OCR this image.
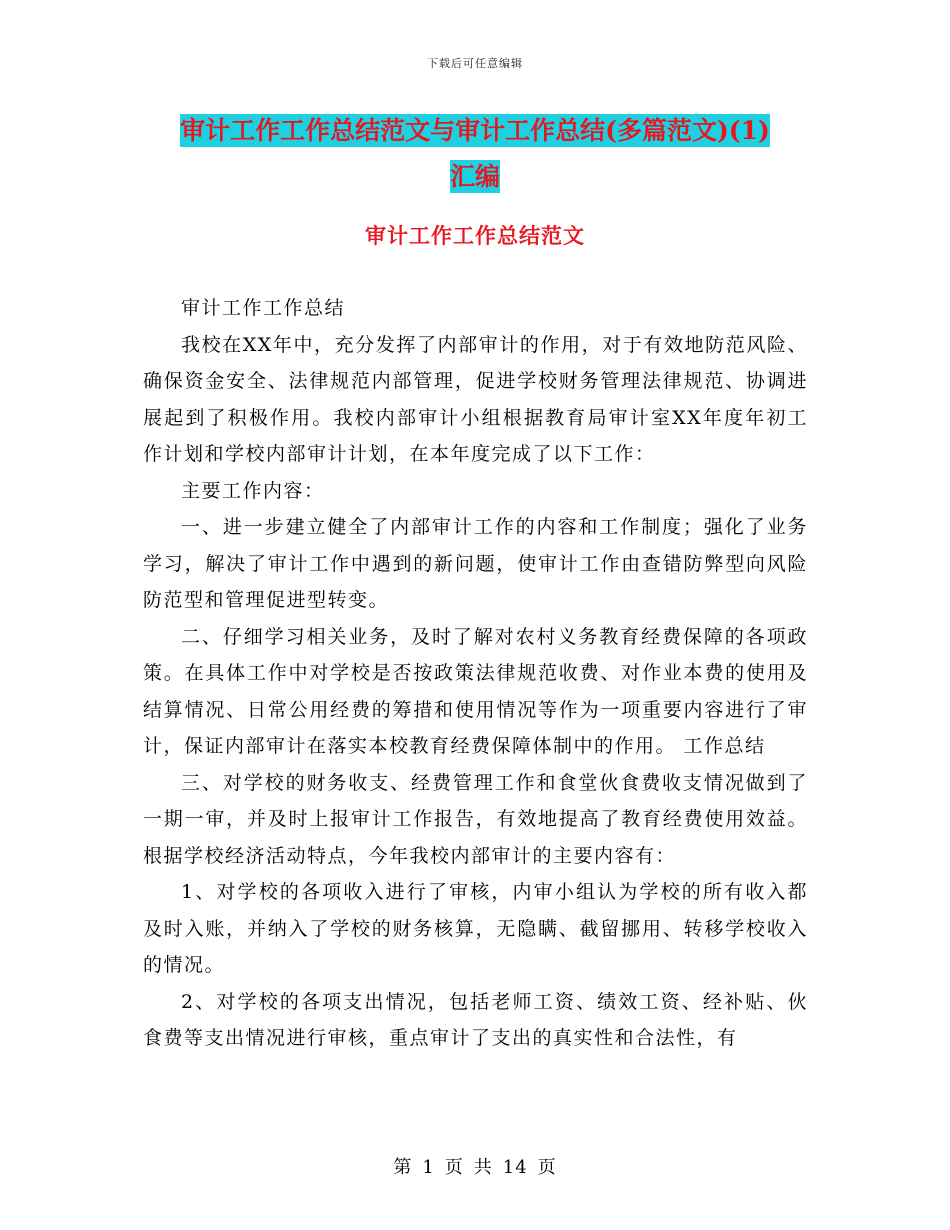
下载后可任意编辑
审计工作工作总结范文与审计工作总结(多篇范文)(1)
汇编
审计工作工作总结范文

审计工作工作总结

我校在XX年中，充分发挥了内部审计的作用，对于有效地防范风险、确保资金安全、法律规范内部管理，促进学校财务管理法律规范、协调进展起到了积极作用。我校内部审计小组根据教育局审计室XX年度年初工作计划和学校内部审计计划，在本年度完成了以下工作：

主要工作内容：

一、进一步建立健全了内部审计工作的内容和工作制度；强化了业务学习，解决了审计工作中遇到的新问题，使审计工作由查错防弊型向风险防范型和管理促进型转变。

二、仔细学习相关业务，及时了解对农村义务教育经费保障的各项政策。在具体工作中对学校是否按政策法律规范收费、对作业本费的使用及结算情况、日常公用经费的筹措和使用情况等作为一项重要内容进行了审计，保证内部审计在落实本校教育经费保障体制中的作用。 工作总结

三、对学校的财务收支、经费管理工作和食堂伙食费收支情况做到了一期一审，并及时上报审计工作报告，有效地提高了教育经费使用效益。根据学校经济活动特点，今年我校内部审计的主要内容有：

1、对学校的各项收入进行了审核，内审小组认为学校的所有收入都及时入账，并纳入了学校的财务核算，无隐瞒、截留挪用、转移学校收入的情况。

2、对学校的各项支出情况，包括老师工资、绩效工资、经补贴、伙食费等支出情况进行审核，重点审计了支出的真实性和合法性，有

第 1 页 共 14 页
